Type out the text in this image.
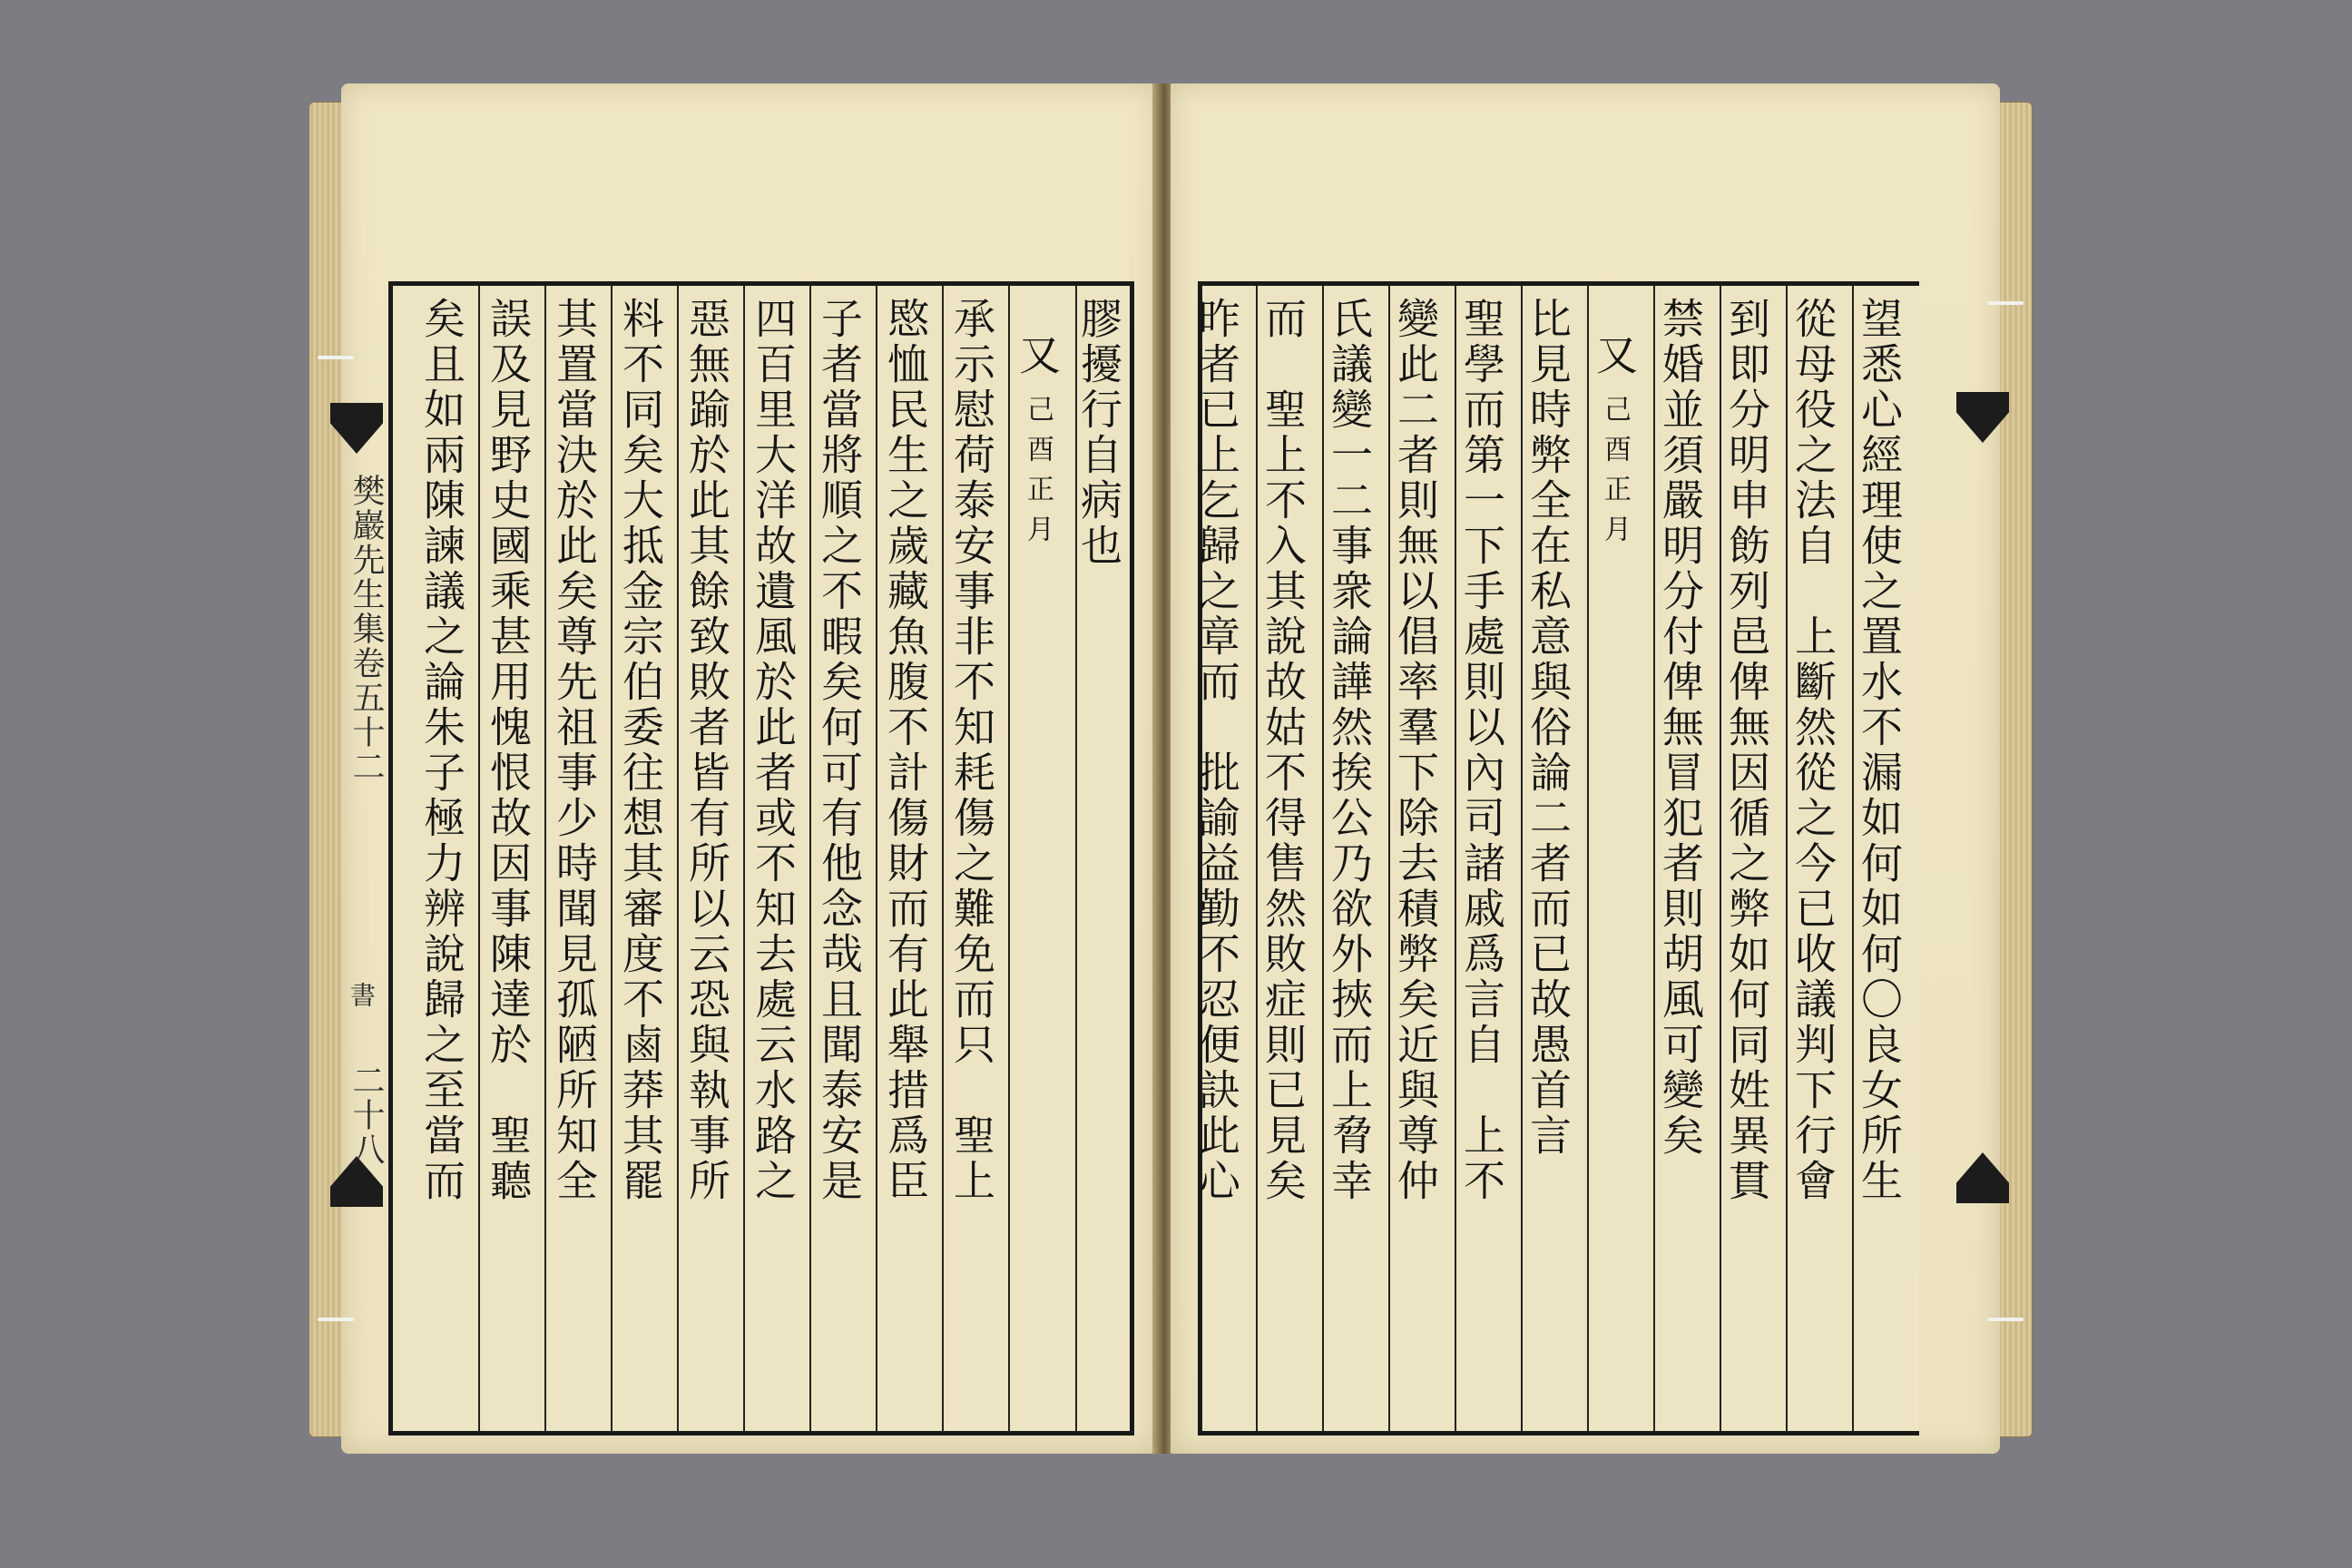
膠擾行自病也
又
己酉正月
承示慰荷泰安事非不知耗傷之難免而只　聖上
愍恤民生之歲藏魚腹不計傷財而有此舉措爲臣
子者當將順之不暇矣何可有他念哉且聞泰安是
四百里大洋故遺風於此者或不知去處云水路之
惡無踰於此其餘致敗者皆有所以云恐與執事所
料不同矣大抵金宗伯委往想其審度不鹵莽其罷
其置當決於此矣尊先祖事少時聞見孤陋所知全
誤及見野史國乘甚用愧恨故因事陳達於　聖聽
矣且如兩陳諫議之論朱子極力辨說歸之至當而
樊巖先生集卷五十二
書
二十八	望悉心經理使之置水不漏如何如何〇良女所生
從母役之法自　上斷然從之今已收議判下行會
到即分明申飭列邑俾無因循之弊如何同姓異貫
禁婚並須嚴明分付俾無冒犯者則胡風可變矣
又
己酉正月
比見時弊全在私意與俗論二者而已故愚首言
聖學而第一下手處則以內司諸戚爲言自　上不
變此二者則無以倡率羣下除去積弊矣近與尊仲
氏議變一二事衆論譁然挨公乃欲外挾而上脅幸
而　聖上不入其說故姑不得售然敗症則已見矣
昨者已上乞歸之章而　批諭益勤不忍便訣此心
